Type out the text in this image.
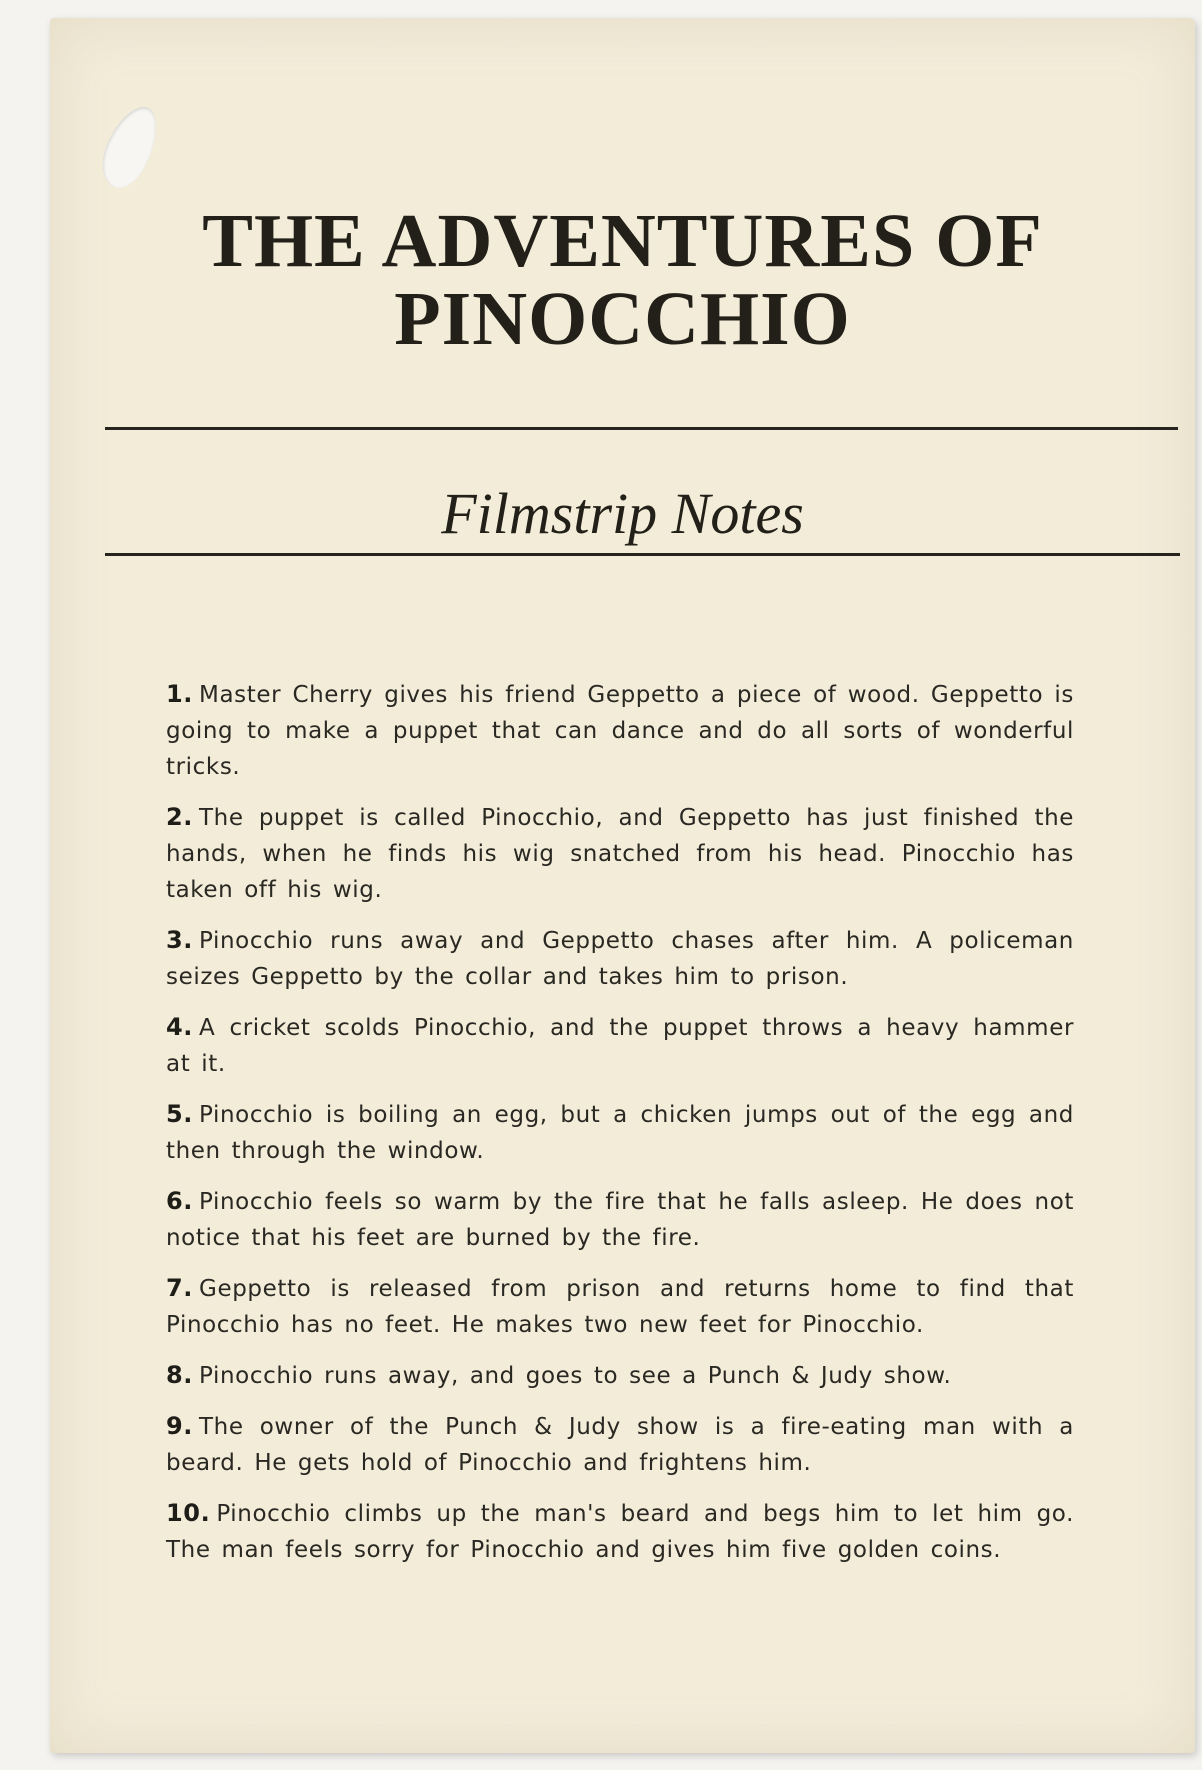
THE ADVENTURES OF
PINOCCHIO
Filmstrip Notes
1. Master Cherry gives his friend Geppetto a piece of wood. Geppetto is going to make a puppet that can dance and do all sorts of wonderful tricks.
2. The puppet is called Pinocchio, and Geppetto has just finished the hands, when he finds his wig snatched from his head. Pinocchio has taken off his wig.
3. Pinocchio runs away and Geppetto chases after him. A policeman seizes Geppetto by the collar and takes him to prison.
4. A cricket scolds Pinocchio, and the puppet throws a heavy hammer at it.
5. Pinocchio is boiling an egg, but a chicken jumps out of the egg and then through the window.
6. Pinocchio feels so warm by the fire that he falls asleep. He does not notice that his feet are burned by the fire.
7. Geppetto is released from prison and returns home to find that Pinocchio has no feet. He makes two new feet for Pinocchio.
8. Pinocchio runs away, and goes to see a Punch & Judy show.
9. The owner of the Punch & Judy show is a fire-eating man with a beard. He gets hold of Pinocchio and frightens him.
10. Pinocchio climbs up the man's beard and begs him to let him go. The man feels sorry for Pinocchio and gives him five golden coins.
